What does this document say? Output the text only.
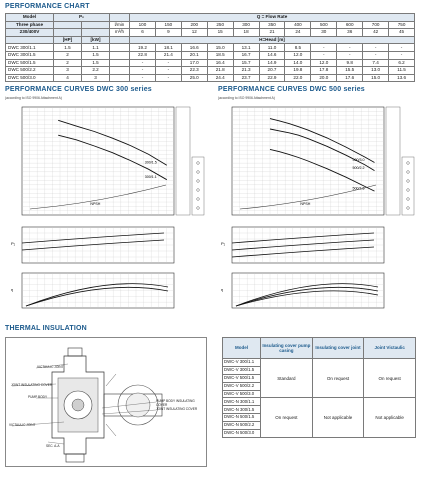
PERFORMANCE CHART
Model	P₂			Q = Flow Rate										
Three phase			l/min	100	150	200	250	300	350	400	500	600	700	750
230/400V			m³/h	6	9	12	15	18	21	24	30	36	42	45
	[HP]	[kW]		H=Head [m]										
DWC 300/1.1	1.5	1.1		19.2	18.1	16.6	15.0	13.1	11.0	8.5	-	-	-	-
DWC 300/1.5	2	1.5		22.8	21.4	20.1	18.5	16.7	14.6	12.0	-	-	-	-
DWC 500/1.5	2	1.5		-	-	17.0	16.4	15.7	14.9	14.0	12.0	9.8	7.4	6.2
DWC 500/2.2	3	2.2		-	-	22.3	21.8	21.3	20.7	19.8	17.8	15.5	13.0	11.5
DWC 500/3.0	4	3		-	-	25.0	24.4	23.7	22.9	22.0	20.0	17.6	15.0	13.6
PERFORMANCE CURVES DWC 300 series
(according to ISO 9906 Attachment A)
300/1.5
300/1.1
NPSH
P₂
η
PERFORMANCE CURVES DWC 500 series
(according to ISO 9906 Attachment A)
500/3.0
500/2.2
500/1.5
NPSH
P₂
η
THERMAL INSULATION
VICTAULIC JOINT
JOINT INSULATING COVER
PUMP BODY
PUMP BODY INSULATING COVER
JOINT INSULATING COVER
VICTAULIC JOINT
SEC. A-A
Model	Insulating cover pump casing	Insulating cover joint	Joint Victaulic
DWC-V 300/1.1	Standard	On request	On request
DWC-V 300/1.5			
DWC-V 500/1.5			
DWC-V 500/2.2			
DWC-V 500/3.0			
DWC-N 300/1.1	On request	Not applicable	Not applicable
DWC-N 300/1.5			
DWC-N 500/1.5			
DWC-N 500/2.2			
DWC-N 500/3.0			
